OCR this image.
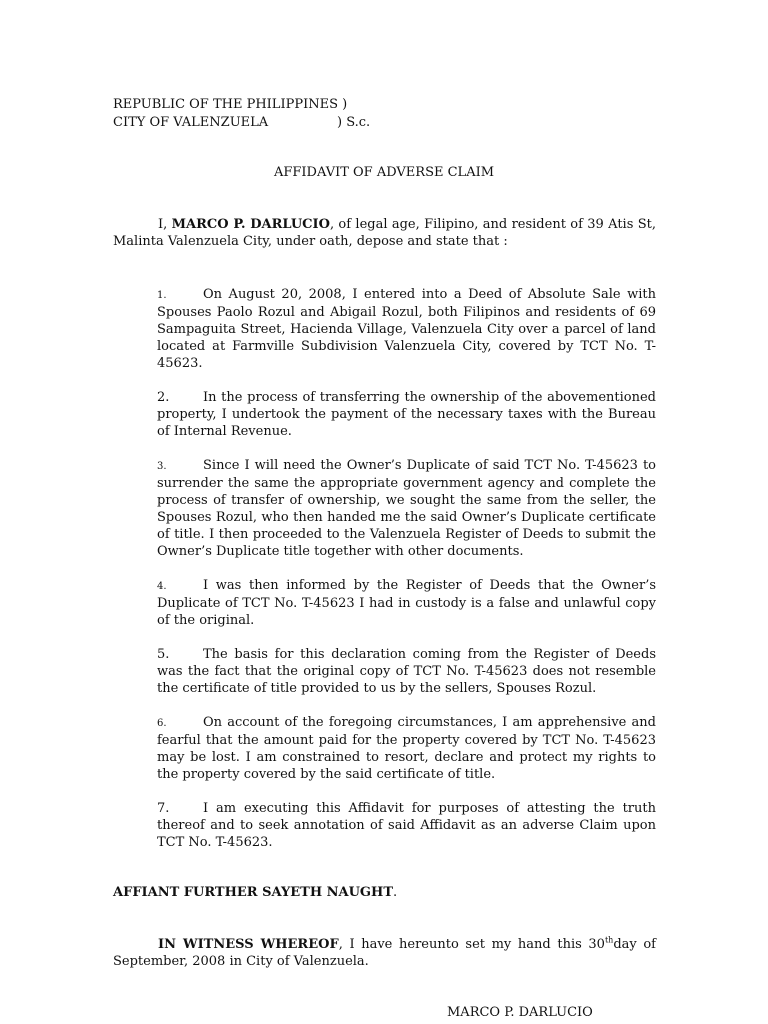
REPUBLIC OF THE PHILIPPINES )
CITY OF VALENZUELA	) S.c.
AFFIDAVIT OF ADVERSE CLAIM
I, MARCO P. DARLUCIO, of legal age, Filipino, and resident of 39 Atis St, Malinta Valenzuela City, under oath, depose and state that :
1.	On August 20, 2008, I entered into a Deed of Absolute Sale with Spouses Paolo Rozul and Abigail Rozul, both Filipinos and residents of 69 Sampaguita Street, Hacienda Village, Valenzuela City over a parcel of land located at Farmville Subdivision Valenzuela City, covered by TCT No. T-45623.
2.	In the process of transferring the ownership of the abovementioned property, I undertook the payment of the necessary taxes with the Bureau of Internal Revenue.
3.	Since I will need the Owner’s Duplicate of said TCT No. T-45623 to surrender the same the appropriate government agency and complete the process of transfer of ownership, we sought the same from the seller, the Spouses Rozul, who then handed me the said Owner’s Duplicate certificate of title. I then proceeded to the Valenzuela Register of Deeds to submit the Owner’s Duplicate title together with other documents.
4.	I was then informed by the Register of Deeds that the Owner’s Duplicate of TCT No. T-45623 I had in custody is a false and unlawful copy of the original.
5.	The basis for this declaration coming from the Register of Deeds was the fact that the original copy of TCT No. T-45623 does not resemble the certificate of title provided to us by the sellers, Spouses Rozul.
6.	On account of the foregoing circumstances, I am apprehensive and fearful that the amount paid for the property covered by TCT No. T-45623 may be lost. I am constrained to resort, declare and protect my rights to the property covered by the said certificate of title.
7.	I am executing this Affidavit for purposes of attesting the truth thereof and to seek annotation of said Affidavit as an adverse Claim upon TCT No. T-45623.
AFFIANT FURTHER SAYETH NAUGHT.
IN WITNESS WHEREOF, I have hereunto set my hand this 30thday of September, 2008 in City of Valenzuela.
MARCO P. DARLUCIO
